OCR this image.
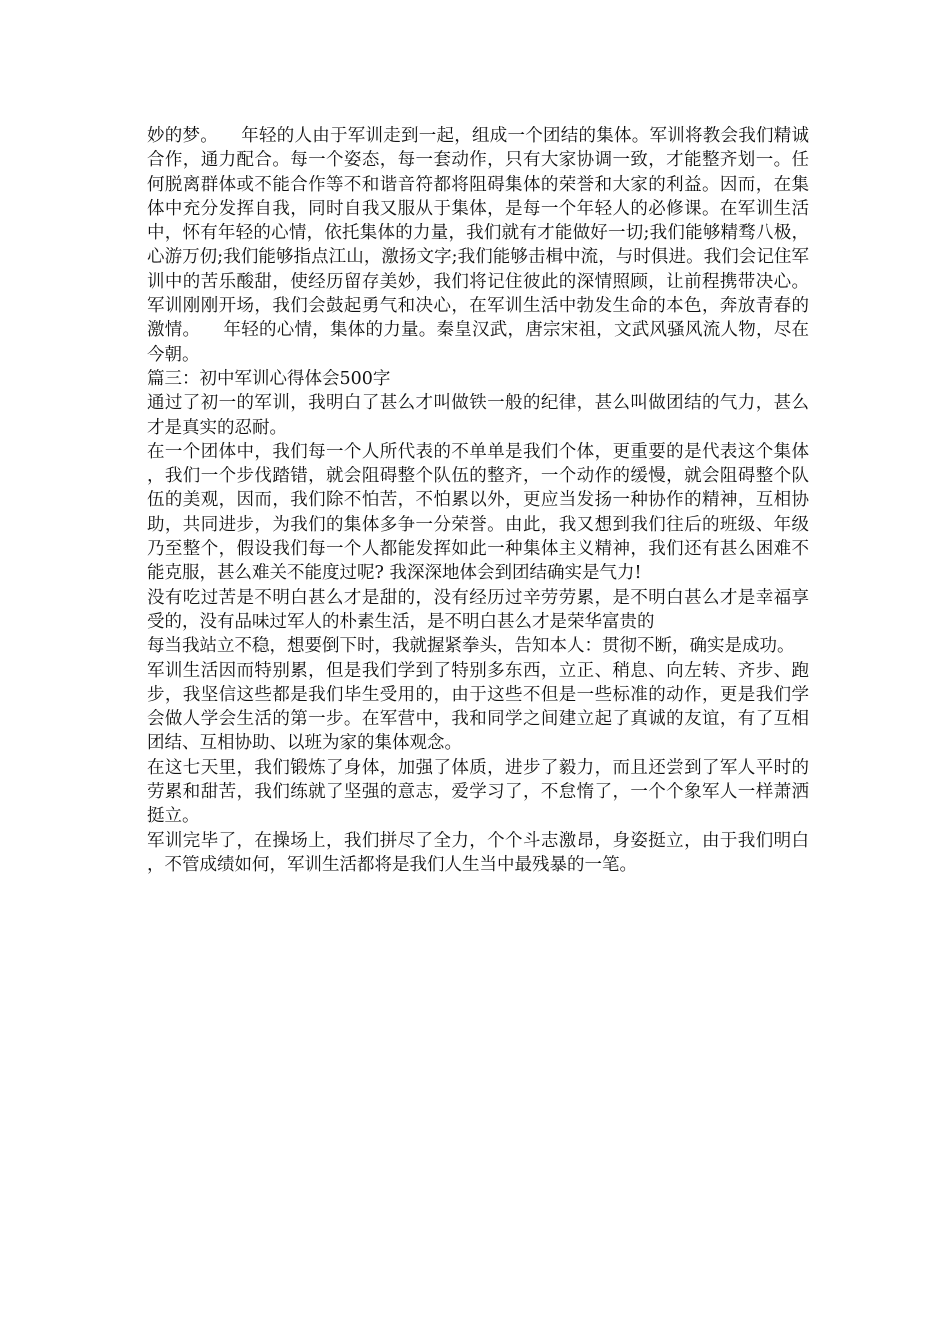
妙的梦。    年轻的人由于军训走到一起，组成一个团结的集体。军训将教会我们精诚合作，通力配合。每一个姿态，每一套动作，只有大家协调一致，才能整齐划一。任何脱离群体或不能合作等不和谐音符都将阻碍集体的荣誉和大家的利益。因而，在集体中充分发挥自我，同时自我又服从于集体，是每一个年轻人的必修课。在军训生活中，怀有年轻的心情，依托集体的力量，我们就有才能做好一切;我们能够精骛八极，心游万仞;我们能够指点江山，激扬文字;我们能够击楫中流，与时俱进。我们会记住军训中的苦乐酸甜，使经历留存美妙，我们将记住彼此的深情照顾，让前程携带决心。军训刚刚开场，我们会鼓起勇气和决心，在军训生活中勃发生命的本色，奔放青春的激情。    年轻的心情，集体的力量。秦皇汉武，唐宗宋祖，文武风骚风流人物，尽在今朝。

篇三：初中军训心得体会500字

通过了初一的军训，我明白了甚么才叫做铁一般的纪律，甚么叫做团结的气力，甚么才是真实的忍耐。

在一个团体中，我们每一个人所代表的不单单是我们个体，更重要的是代表这个集体，我们一个步伐踏错，就会阻碍整个队伍的整齐，一个动作的缓慢，就会阻碍整个队伍的美观，因而，我们除不怕苦，不怕累以外，更应当发扬一种协作的精神，互相协助，共同进步，为我们的集体多争一分荣誉。由此，我又想到我们往后的班级、年级乃至整个，假设我们每一个人都能发挥如此一种集体主义精神，我们还有甚么困难不能克服，甚么难关不能度过呢? 我深深地体会到团结确实是气力!

没有吃过苦是不明白甚么才是甜的，没有经历过辛劳劳累，是不明白甚么才是幸福享受的，没有品味过军人的朴素生活，是不明白甚么才是荣华富贵的

每当我站立不稳，想要倒下时，我就握紧拳头，告知本人：贯彻不断，确实是成功。

军训生活因而特别累，但是我们学到了特别多东西，立正、稍息、向左转、齐步、跑步，我坚信这些都是我们毕生受用的，由于这些不但是一些标准的动作，更是我们学会做人学会生活的第一步。在军营中，我和同学之间建立起了真诚的友谊，有了互相团结、互相协助、以班为家的集体观念。

在这七天里，我们锻炼了身体，加强了体质，进步了毅力，而且还尝到了军人平时的劳累和甜苦，我们练就了坚强的意志，爱学习了，不怠惰了，一个个象军人一样萧洒挺立。

军训完毕了，在操场上，我们拼尽了全力，个个斗志激昂，身姿挺立，由于我们明白，不管成绩如何，军训生活都将是我们人生当中最残暴的一笔。
